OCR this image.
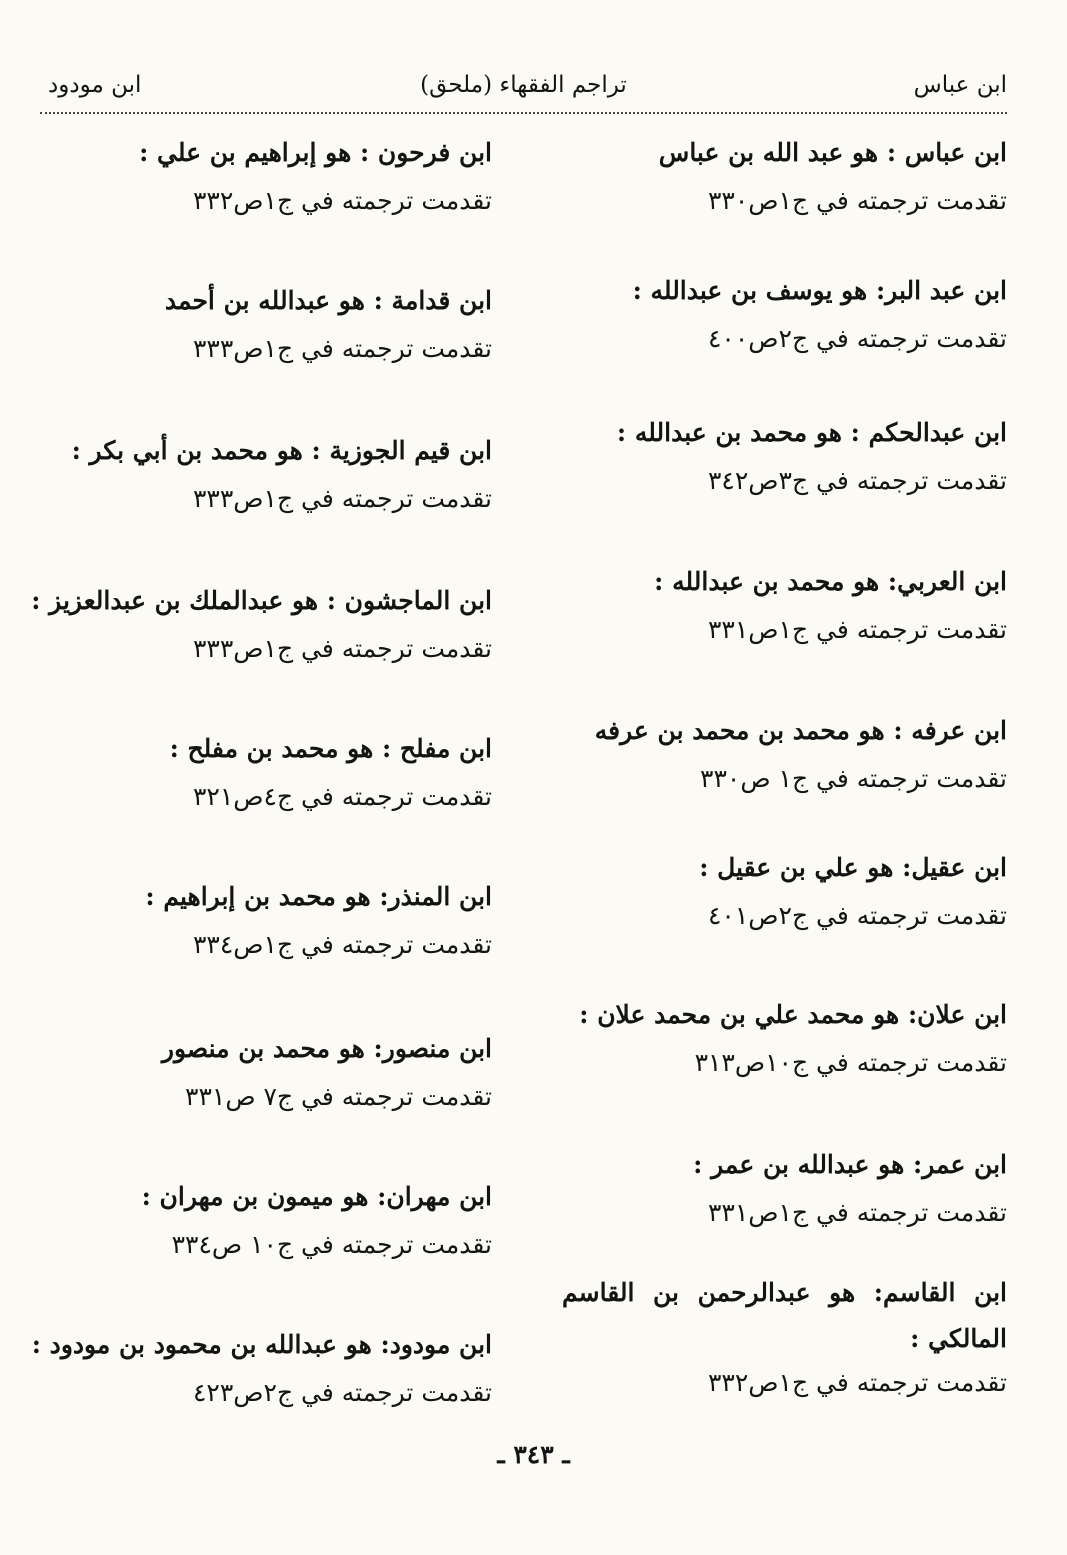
ابن عباس
(ملحق) تراجم الفقهاء
ابن مودود
ابن عباس : هو عبد الله بن عباس
تقدمت ترجمته في ج١ص٣٣٠
ابن عبد البر: هو يوسف بن عبدالله :
تقدمت ترجمته في ج٢ص٤٠٠
ابن عبدالحكم : هو محمد بن عبدالله :
تقدمت ترجمته في ج٣ص٣٤٢
ابن العربي: هو محمد بن عبدالله :
تقدمت ترجمته في ج١ص٣٣١
ابن عرفه : هو محمد بن محمد بن عرفه
تقدمت ترجمته في ج١ ص٣٣٠
ابن عقيل: هو علي بن عقيل :
تقدمت ترجمته في ج٢ص٤٠١
ابن علان: هو محمد علي بن محمد علان :
تقدمت ترجمته في ج١٠ص٣١٣
ابن عمر: هو عبدالله بن عمر :
تقدمت ترجمته في ج١ص٣٣١
ابن القاسم: هو عبدالرحمن بن القاسم المالكي :
تقدمت ترجمته في ج١ص٣٣٢
ابن فرحون : هو إبراهيم بن علي :
تقدمت ترجمته في ج١ص٣٣٢
ابن قدامة : هو عبدالله بن أحمد
تقدمت ترجمته في ج١ص٣٣٣
ابن قيم الجوزية : هو محمد بن أبي بكر :
تقدمت ترجمته في ج١ص٣٣٣
ابن الماجشون : هو عبدالملك بن عبدالعزيز :
تقدمت ترجمته في ج١ص٣٣٣
ابن مفلح : هو محمد بن مفلح :
تقدمت ترجمته في ج٤ص٣٢١
ابن المنذر: هو محمد بن إبراهيم :
تقدمت ترجمته في ج١ص٣٣٤
ابن منصور: هو محمد بن منصور
تقدمت ترجمته في ج٧ ص٣٣١
ابن مهران: هو ميمون بن مهران :
تقدمت ترجمته في ج١٠ ص٣٣٤
ابن مودود: هو عبدالله بن محمود بن مودود :
تقدمت ترجمته في ج٢ص٤٢٣
ـ ٣٤٣ ـ
